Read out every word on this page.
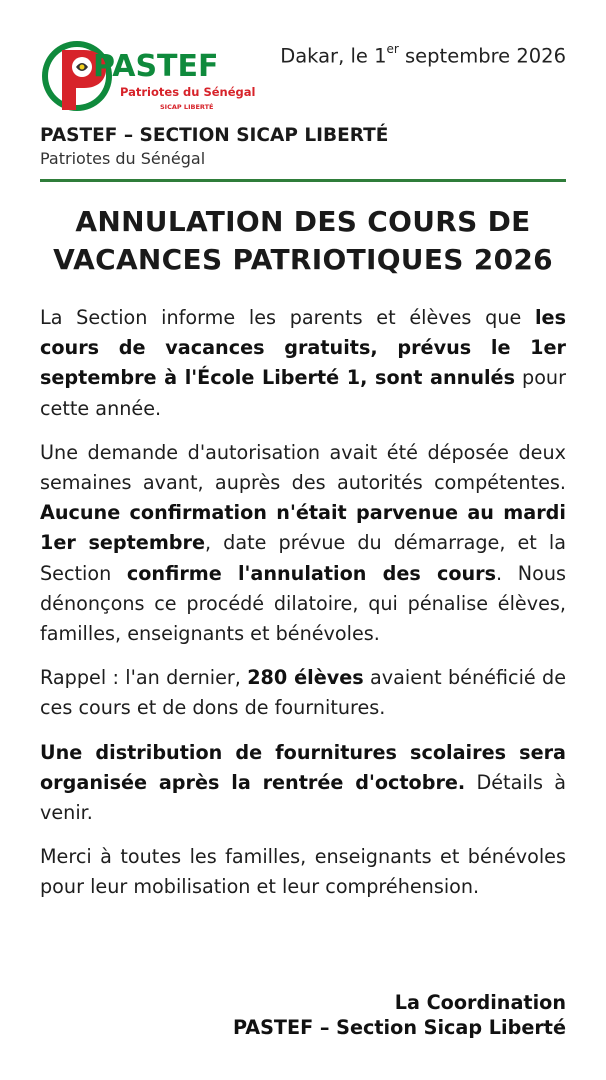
PASTEF
Patriotes du Sénégal
SICAP LIBERTÉ
Dakar, le 1er septembre 2026
PASTEF – SECTION SICAP LIBERTÉ
Patriotes du Sénégal
ANNULATION DES COURS DE
VACANCES PATRIOTIQUES 2026

La Section informe les parents et élèves que les cours de vacances gratuits, prévus le 1er septembre à l'École Liberté 1, sont annulés pour cette année.

Une demande d'autorisation avait été déposée deux semaines avant, auprès des autorités compétentes. Aucune confirmation n'était parvenue au mardi 1er septembre, date prévue du démarrage, et la Section confirme l'annulation des cours. Nous dénonçons ce procédé dilatoire, qui pénalise élèves, familles, enseignants et bénévoles.

Rappel : l'an dernier, 280 élèves avaient bénéficié de ces cours et de dons de fournitures.

Une distribution de fournitures scolaires sera organisée après la rentrée d'octobre. Détails à venir.

Merci à toutes les familles, enseignants et bénévoles pour leur mobilisation et leur compréhension.

La Coordination
PASTEF – Section Sicap Liberté
